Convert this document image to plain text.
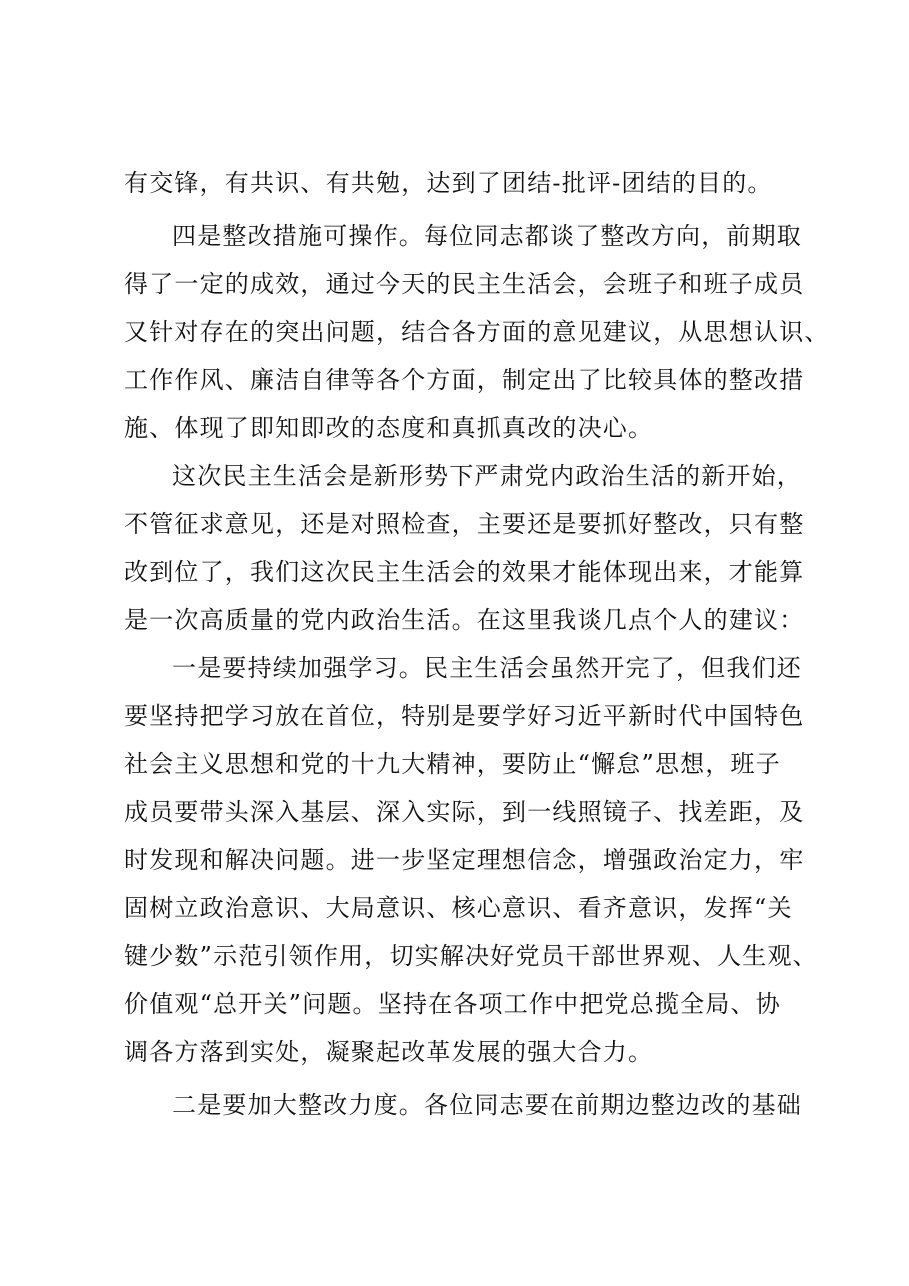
有交锋，有共识、有共勉，达到了团结-批评-团结的目的。
四是整改措施可操作。每位同志都谈了整改方向，前期取
得了一定的成效，通过今天的民主生活会，会班子和班子成员
又针对存在的突出问题，结合各方面的意见建议，从思想认识、
工作作风、廉洁自律等各个方面，制定出了比较具体的整改措
施、体现了即知即改的态度和真抓真改的决心。
这次民主生活会是新形势下严肃党内政治生活的新开始，
不管征求意见，还是对照检查，主要还是要抓好整改，只有整
改到位了，我们这次民主生活会的效果才能体现出来，才能算
是一次高质量的党内政治生活。在这里我谈几点个人的建议：
一是要持续加强学习。民主生活会虽然开完了，但我们还
要坚持把学习放在首位，特别是要学好习近平新时代中国特色
社会主义思想和党的十九大精神，要防止“懈怠”思想，班子
成员要带头深入基层、深入实际，到一线照镜子、找差距，及
时发现和解决问题。进一步坚定理想信念，增强政治定力，牢
固树立政治意识、大局意识、核心意识、看齐意识，发挥“关
键少数”示范引领作用，切实解决好党员干部世界观、人生观、
价值观“总开关”问题。坚持在各项工作中把党总揽全局、协
调各方落到实处，凝聚起改革发展的强大合力。
二是要加大整改力度。各位同志要在前期边整边改的基础
